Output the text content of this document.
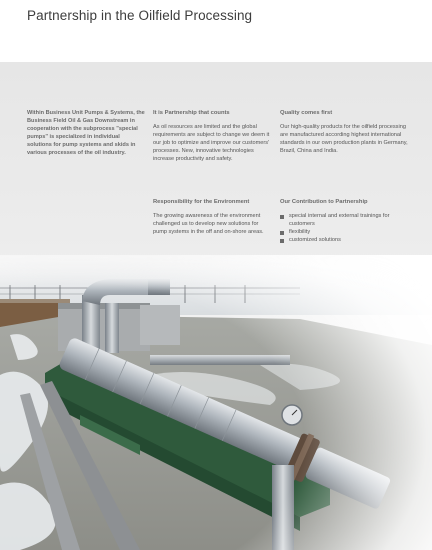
Partnership in the Oilfield Processing
Within Business Unit Pumps & Systems, the Business Field Oil & Gas Downstream in cooperation with the subprocess "special pumps" is specialized in individual solutions for pump systems and skids in various processes of the oil industry.
It is Partnership that counts

As oil resources are limited and the global requirements are subject to change we deem it our job to optimize and improve our customers' processes. New, innovative technologies increase productivity and safety.

Responsibility for the Environment

The growing awareness of the environment challenged us to develop new solutions for pump systems in the off and on-shore areas.

Quality comes first

Our high-quality products for the oilfield processing are manufactured according highest international standards in our own production plants in Germany, Brazil, China and India.

Our Contribution to Partnership
special internal and external trainings for customers
flexibility
customized solutions
